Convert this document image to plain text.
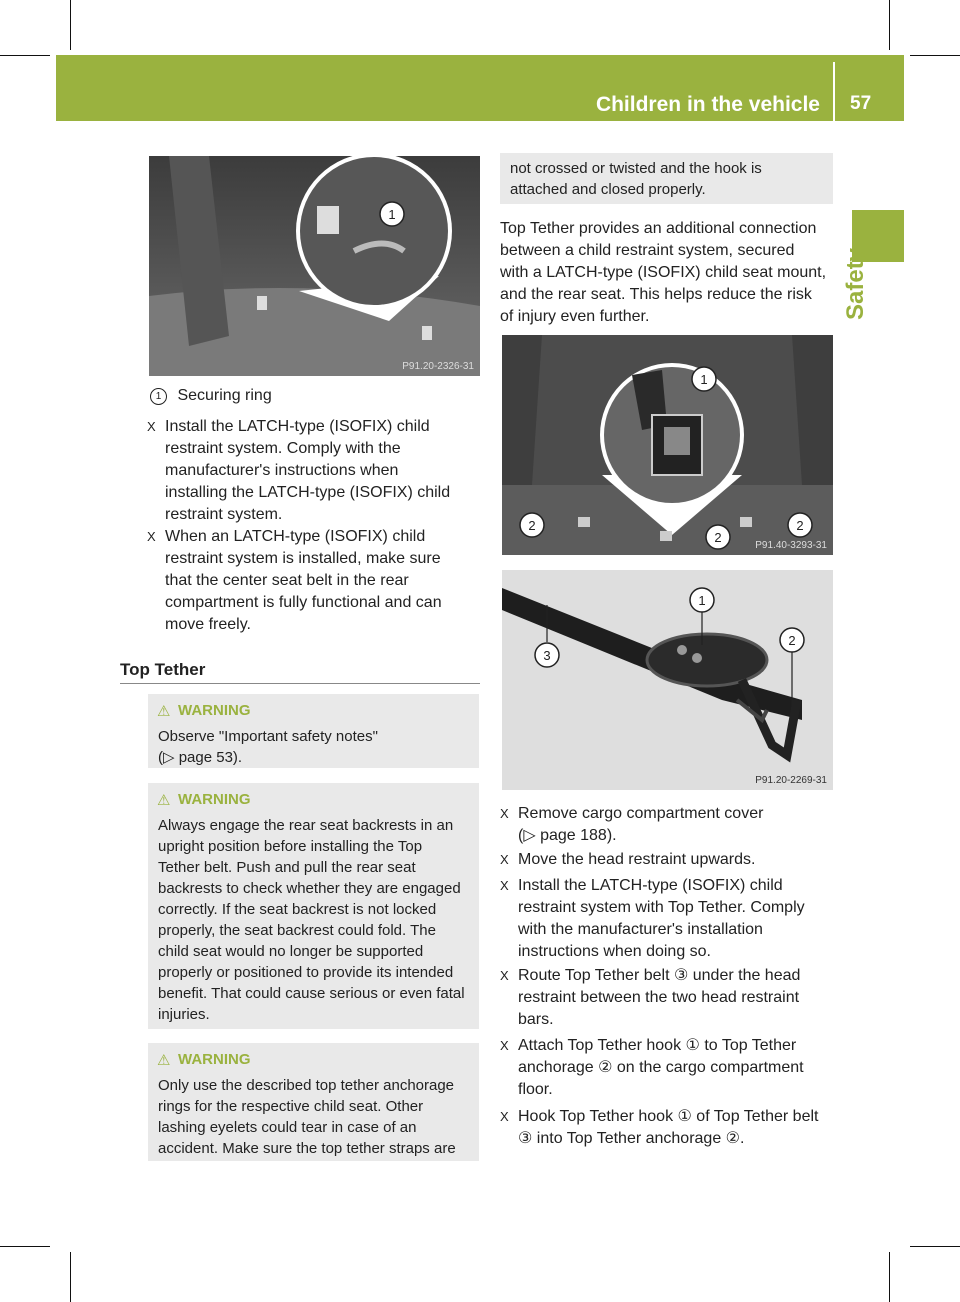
Children in the vehicle 57
Safety
1
P91.20-2326-31
1 Securing ring
X Install the LATCH-type (ISOFIX) child
restraint system. Comply with the
manufacturer's instructions when
installing the LATCH-type (ISOFIX) child
restraint system.
X When an LATCH-type (ISOFIX) child
restraint system is installed, make sure
that the center seat belt in the rear
compartment is fully functional and can
move freely.
Top Tether
⚠ WARNING
Observe "Important safety notes"
(▷ page 53).
⚠ WARNING
Always engage the rear seat backrests in an
upright position before installing the Top
Tether belt. Push and pull the rear seat
backrests to check whether they are engaged
correctly. If the seat backrest is not locked
properly, the seat backrest could fold. The
child seat would no longer be supported
properly or positioned to provide its intended
benefit. That could cause serious or even fatal
injuries.
⚠ WARNING
Only use the described top tether anchorage
rings for the respective child seat. Other
lashing eyelets could tear in case of an
accident. Make sure the top tether straps are
not crossed or twisted and the hook is
attached and closed properly.
Top Tether provides an additional connection
between a child restraint system, secured
with a LATCH-type (ISOFIX) child seat mount,
and the rear seat. This helps reduce the risk
of injury even further.
1
2
2
2
P91.40-3293-31
3
1
2
P91.20-2269-31
X Remove cargo compartment cover
(▷ page 188).
X Move the head restraint upwards.
X Install the LATCH-type (ISOFIX) child
restraint system with Top Tether. Comply
with the manufacturer's installation
instructions when doing so.
X Route Top Tether belt ③ under the head
restraint between the two head restraint
bars.
X Attach Top Tether hook ① to Top Tether
anchorage ② on the cargo compartment
floor.
X Hook Top Tether hook ① of Top Tether belt
③ into Top Tether anchorage ②.
